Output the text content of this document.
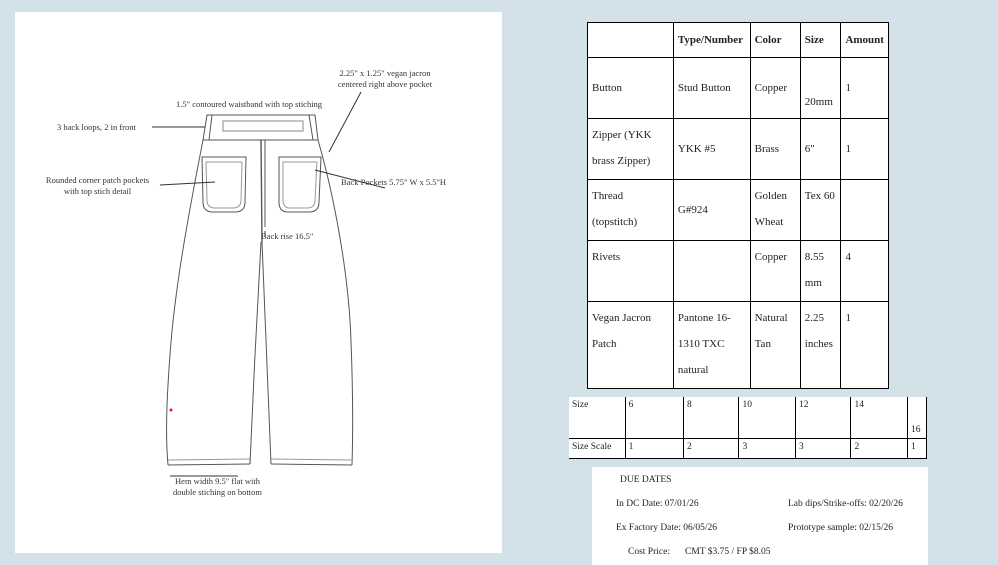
2.25" x 1.25" vegan jacron
centered right above pocket
1.5" contoured waistband with top stiching
3 back loops, 2 in front
Rounded corner patch pockets
with top stich detail
Back Pockets 5.75" W x 5.5"H
Back rise 16.5"
Hem width 9.5" flat with
double stiching on bottom
	Type/Number	Color	Size	Amount
Button	Stud Button	Copper	20mm	1
Zipper (YKK brass Zipper)	YKK #5	Brass	6"	1
Thread (topstitch)	G#924	Golden Wheat	Tex 60	
Rivets		Copper	8.55 mm	4
Vegan Jacron Patch	Pantone 16-1310 TXC natural	Natural Tan	2.25 inches	1
Size	6	8	10	12	14	16
Size Scale	1	2	3	3	2	1
DUE DATES
In DC Date: 07/01/26	Lab dips/Strike-offs: 02/20/26
Ex Factory Date: 06/05/26	Prototype sample: 02/15/26
Cost Price: CMT $3.75 / FP $8.05
